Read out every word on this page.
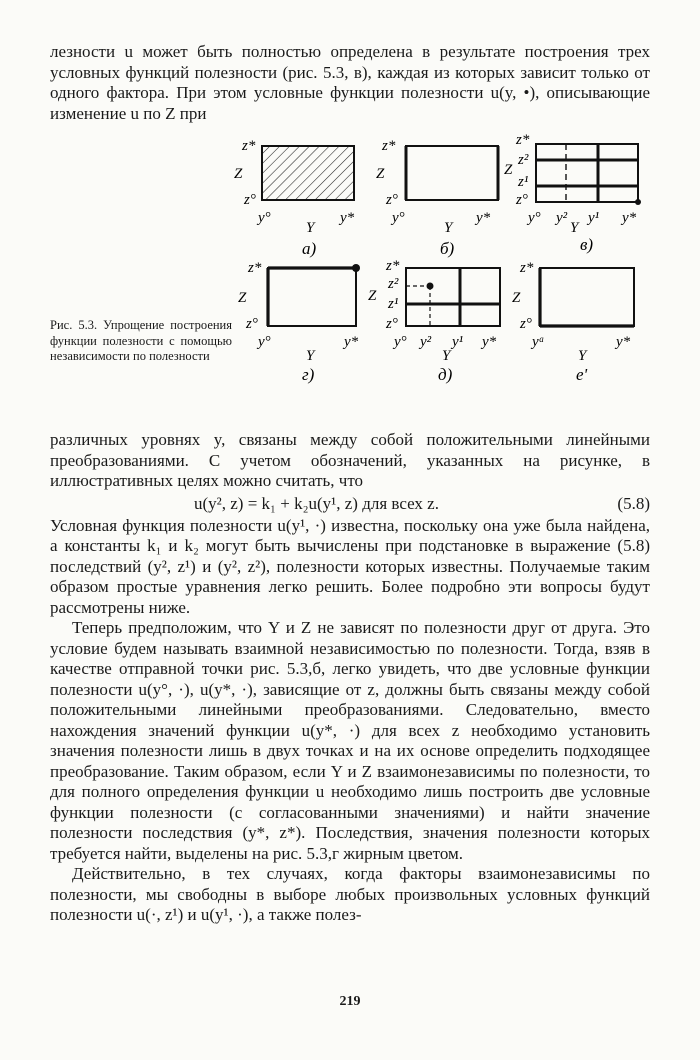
лезности u может быть полностью определена в результате построения трех условных функций полезности (рис. 5.3, в), каждая из которых зависит только от одного фактора. При этом условные функции полезности u(y, •), описывающие изменение u по Z при

z*
Z
z°
y°	y*
Y
а)
z*
Z
z°
y°	y*
Y
б)
z*
z²
Z
z¹
z°
y° y² y¹ y*
Y
в)
z*
Z
z°
y°	y*
Y
г)
z*
z²
Z z¹
z°
y° y² y¹ y*
Y
д)
z*
Z
z°
yᵃ	y*
Y
е'

Рис. 5.3. Упрощение построения функции полезности с помощью независимости по полезности

различных уровнях y, связаны между собой положительными линейными преобразованиями. С учетом обозначений, указанных на рисунке, в иллюстративных целях можно считать, что

u(y², z) = k₁ + k₂u(y¹, z) для всех z.	(5.8)

Условная функция полезности u(y¹, ·) известна, поскольку она уже была найдена, а константы k₁ и k₂ могут быть вычислены при подстановке в выражение (5.8) последствий (y², z¹) и (y², z²), полезности которых известны. Получаемые таким образом простые уравнения легко решить. Более подробно эти вопросы будут рассмотрены ниже.

Теперь предположим, что Y и Z не зависят по полезности друг от друга. Это условие будем называть взаимной независимостью по полезности. Тогда, взяв в качестве отправной точки рис. 5.3,б, легко увидеть, что две условные функции полезности u(y°, ·), u(y*, ·), зависящие от z, должны быть связаны между собой положительными линейными преобразованиями. Следовательно, вместо нахождения значений функции u(y*, ·) для всех z необходимо установить значения полезности лишь в двух точках и на их основе определить подходящее преобразование. Таким образом, если Y и Z взаимонезависимы по полезности, то для полного определения функции u необходимо лишь построить две условные функции полезности (с согласованными значениями) и найти значение полезности последствия (y*, z*). Последствия, значения полезности которых требуется найти, выделены на рис. 5.3,г жирным цветом.

Действительно, в тех случаях, когда факторы взаимонезависимы по полезности, мы свободны в выборе любых произвольных условных функций полезности u(·, z¹) и u(y¹, ·), а также полез-

219
